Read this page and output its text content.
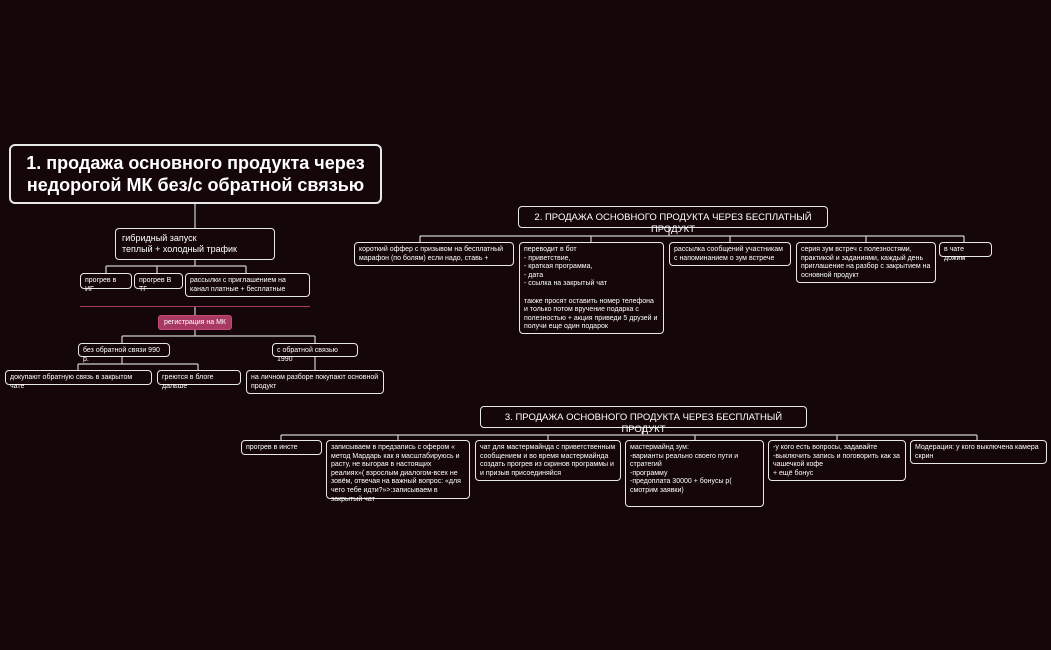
1. продажа основного продукта через недорогой МК без/с обратной связью
гибридный запуск
теплый + холодный трафик
прогрев в ИГ
прогрев В ТГ
рассылки с приглашением на канал платные + бесплатные
регистрация на МК
без обратной связи 990 р.
с обратной связью 1990
докупают обратную связь в закрытом чате
греются в блоге дальше
на личном разборе покупают основной продукт
2. ПРОДАЖА ОСНОВНОГО ПРОДУКТА ЧЕРЕЗ БЕСПЛАТНЫЙ ПРОДУКТ
короткий оффер с призывом на бесплатный марафон (по болям) если надо, ставь +
переводит в бот
- приветствие,
- краткая программа,
- дата
- ссылка на закрытый чат

также просят оставить номер телефона и только потом вручение подарка с полезностью + акция приведи 5 друзей и получи еще один подарок
рассылка сообщений участникам с напоминанием о зум встрече
серия зум встреч с полезностями, практикой и заданиями, каждый день приглашение на разбор с закрытием на основной продукт
в чате дожим
3. ПРОДАЖА ОСНОВНОГО ПРОДУКТА ЧЕРЕЗ БЕСПЛАТНЫЙ ПРОДУКТ
прогрев в инсте	записываем в предзапись с офером « метод Мардарь как я масштабируюсь и расту, не выгорая в настоящих реалиях»( взрослым диалогом-всех не зовём, отвечая на важный вопрос: «для чего тебе идти?»>:записываем в закрытый чат
чат для мастермайнда с приветственным сообщением и во время мастермайнда создать прогрев из скринов программы и и призыв присоединяйся
мастермайнд зум:
-варианты реально своего пути и стратегий
-программу
-предоплата 30000 + бонусы р( смотрим заявки)
-у кого есть вопросы, задавайте
-выключить запись и поговорить как за чашечкой кофе
+ ещё бонус
Модерация: у кого выключена камера скрин
